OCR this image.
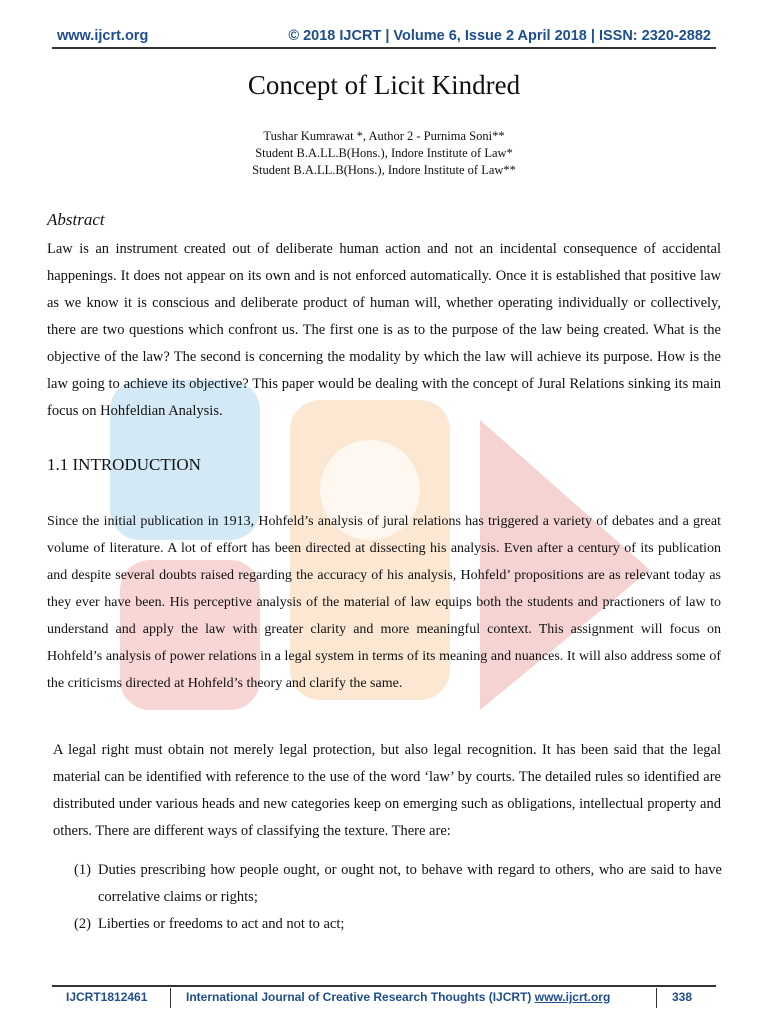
www.ijcrt.org	© 2018 IJCRT | Volume 6, Issue 2 April 2018 | ISSN: 2320-2882
Concept of Licit Kindred
Tushar Kumrawat *, Author 2 - Purnima Soni**
Student B.A.LL.B(Hons.), Indore Institute of Law*
Student B.A.LL.B(Hons.), Indore Institute of Law**
Abstract

Law is an instrument created out of deliberate human action and not an incidental consequence of accidental happenings. It does not appear on its own and is not enforced automatically. Once it is established that positive law as we know it is conscious and deliberate product of human will, whether operating individually or collectively, there are two questions which confront us. The first one is as to the purpose of the law being created. What is the objective of the law? The second is concerning the modality by which the law will achieve its purpose. How is the law going to achieve its objective? This paper would be dealing with the concept of Jural Relations sinking its main focus on Hohfeldian Analysis.

1.1 INTRODUCTION

Since the initial publication in 1913, Hohfeld’s analysis of jural relations has triggered a variety of debates and a great volume of literature. A lot of effort has been directed at dissecting his analysis. Even after a century of its publication and despite several doubts raised regarding the accuracy of his analysis, Hohfeld’ propositions are as relevant today as they ever have been. His perceptive analysis of the material of law equips both the students and practioners of law to understand and apply the law with greater clarity and more meaningful context. This assignment will focus on Hohfeld’s analysis of power relations in a legal system in terms of its meaning and nuances. It will also address some of the criticisms directed at Hohfeld’s theory and clarify the same.

A legal right must obtain not merely legal protection, but also legal recognition. It has been said that the legal material can be identified with reference to the use of the word ‘law’ by courts. The detailed rules so identified are distributed under various heads and new categories keep on emerging such as obligations, intellectual property and others. There are different ways of classifying the texture. There are:

(1) Duties prescribing how people ought, or ought not, to behave with regard to others, who are said to have correlative claims or rights;
(2) Liberties or freedoms to act and not to act;
IJCRT1812461	International Journal of Creative Research Thoughts (IJCRT) www.ijcrt.org	338
